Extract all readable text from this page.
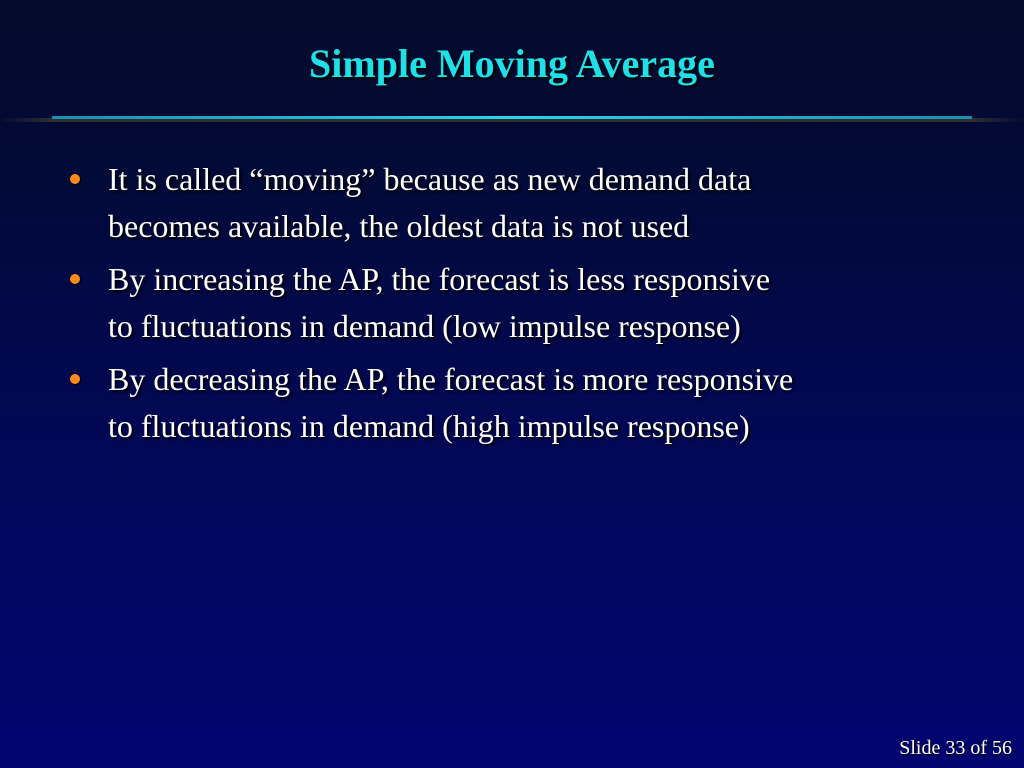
Simple Moving Average
It is called “moving” because as new demand data
becomes available, the oldest data is not used
By increasing the AP, the forecast is less responsive
to fluctuations in demand (low impulse response)
By decreasing the AP, the forecast is more responsive
to fluctuations in demand (high impulse response)
Slide 33 of 56
